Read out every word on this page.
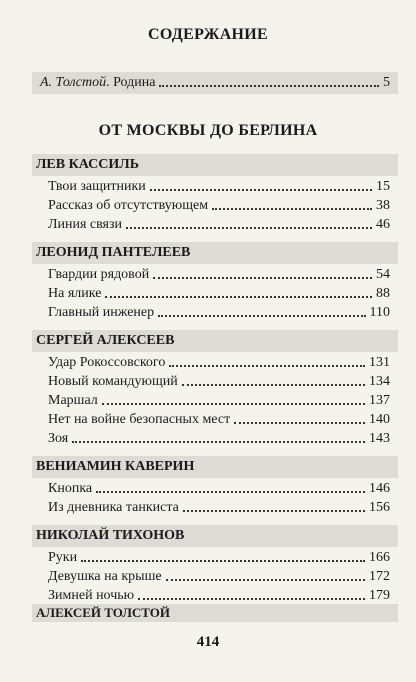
СОДЕРЖАНИЕ
А. Толстой. Родина	5
ОТ МОСКВЫ ДО БЕРЛИНА
ЛЕВ КАССИЛЬ
Твои защитники	15
Рассказ об отсутствующем	38
Линия связи	46
ЛЕОНИД ПАНТЕЛЕЕВ
Гвардии рядовой	54
На ялике	88
Главный инженер	110
СЕРГЕЙ АЛЕКСЕЕВ
Удар Рокоссовского	131
Новый командующий	134
Маршал	137
Нет на войне безопасных мест	140
Зоя	143
ВЕНИАМИН КАВЕРИН
Кнопка	146
Из дневника танкиста	156
НИКОЛАЙ ТИХОНОВ
Руки	166
Девушка на крыше	172
Зимней ночью	179
АЛЕКСЕЙ ТОЛСТОЙ
414
